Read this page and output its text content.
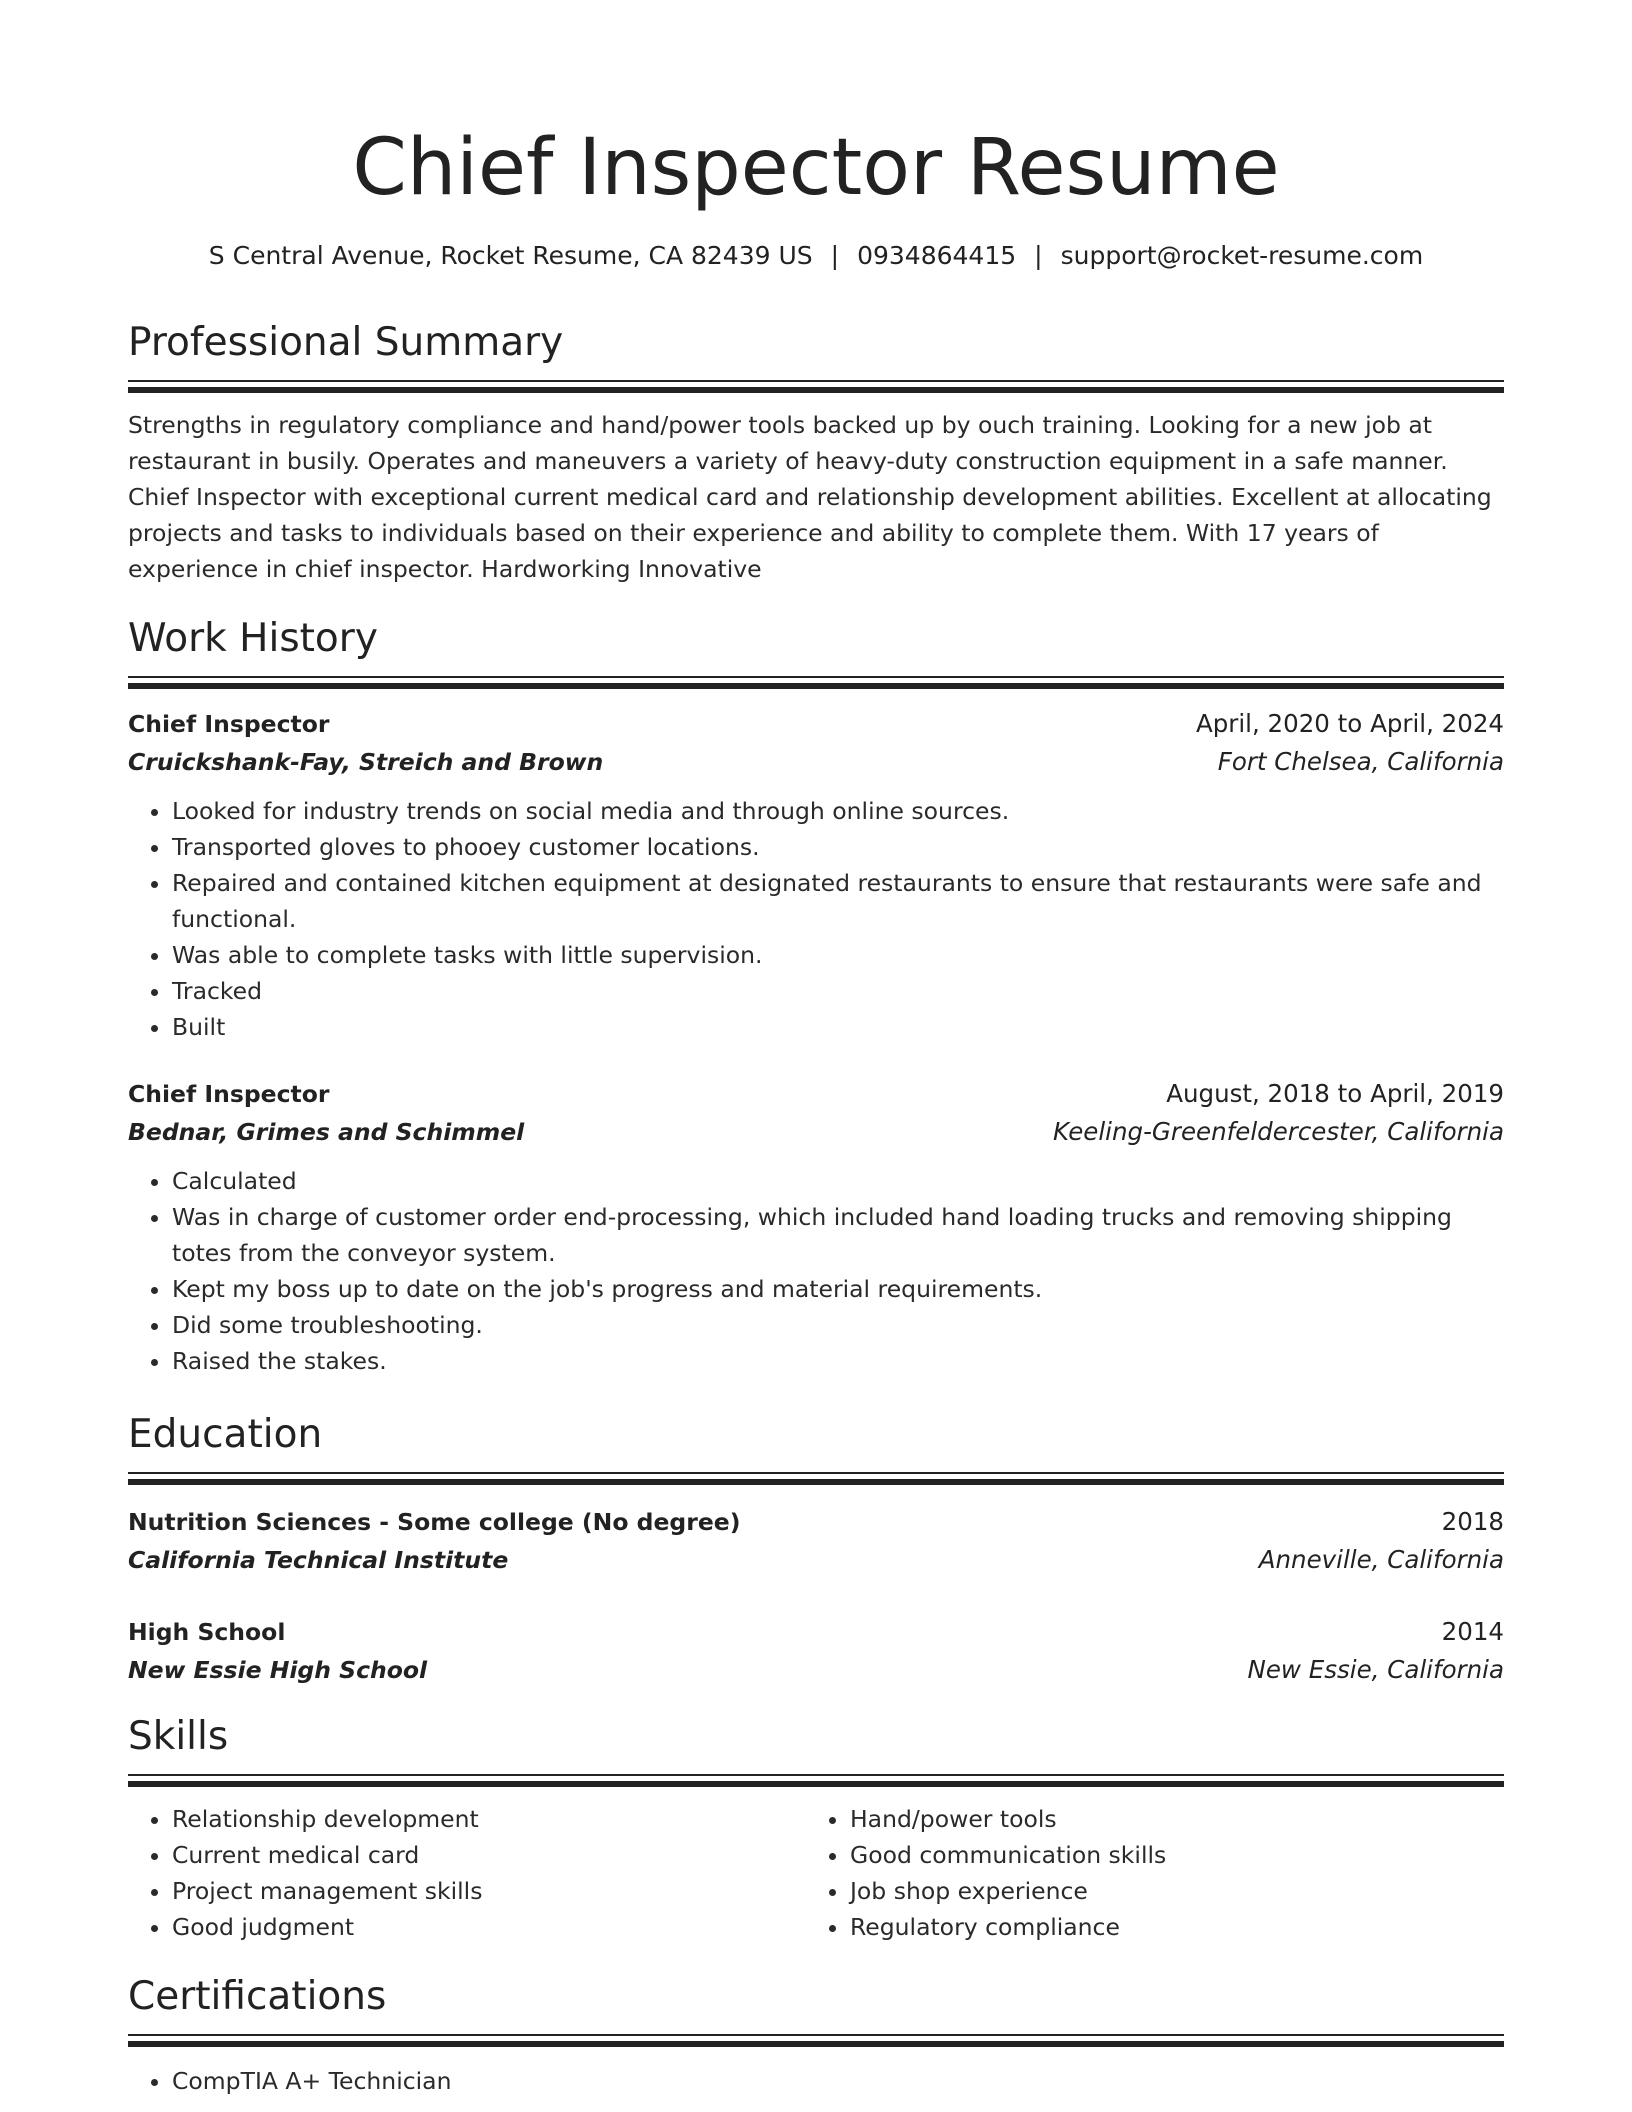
Chief Inspector Resume
S Central Avenue, Rocket Resume, CA 82439 US | 0934864415 | support@rocket-resume.com
Professional Summary
Strengths in regulatory compliance and hand/power tools backed up by ouch training. Looking for a new job at restaurant in busily. Operates and maneuvers a variety of heavy-duty construction equipment in a safe manner. Chief Inspector with exceptional current medical card and relationship development abilities. Excellent at allocating projects and tasks to individuals based on their experience and ability to complete them. With 17 years of experience in chief inspector. Hardworking Innovative
Work History
Chief Inspector	April, 2020 to April, 2024
Cruickshank-Fay, Streich and Brown	Fort Chelsea, California
• Looked for industry trends on social media and through online sources.
• Transported gloves to phooey customer locations.
• Repaired and contained kitchen equipment at designated restaurants to ensure that restaurants were safe and functional.
• Was able to complete tasks with little supervision.
• Tracked
• Built
Chief Inspector	August, 2018 to April, 2019
Bednar, Grimes and Schimmel	Keeling-Greenfeldercester, California
• Calculated
• Was in charge of customer order end-processing, which included hand loading trucks and removing shipping totes from the conveyor system.
• Kept my boss up to date on the job's progress and material requirements.
• Did some troubleshooting.
• Raised the stakes.
Education
Nutrition Sciences - Some college (No degree)	2018
California Technical Institute	Anneville, California
High School	2014
New Essie High School	New Essie, California
Skills
• Relationship development
• Current medical card
• Project management skills
• Good judgment
• Hand/power tools
• Good communication skills
• Job shop experience
• Regulatory compliance
Certifications
• CompTIA A+ Technician
